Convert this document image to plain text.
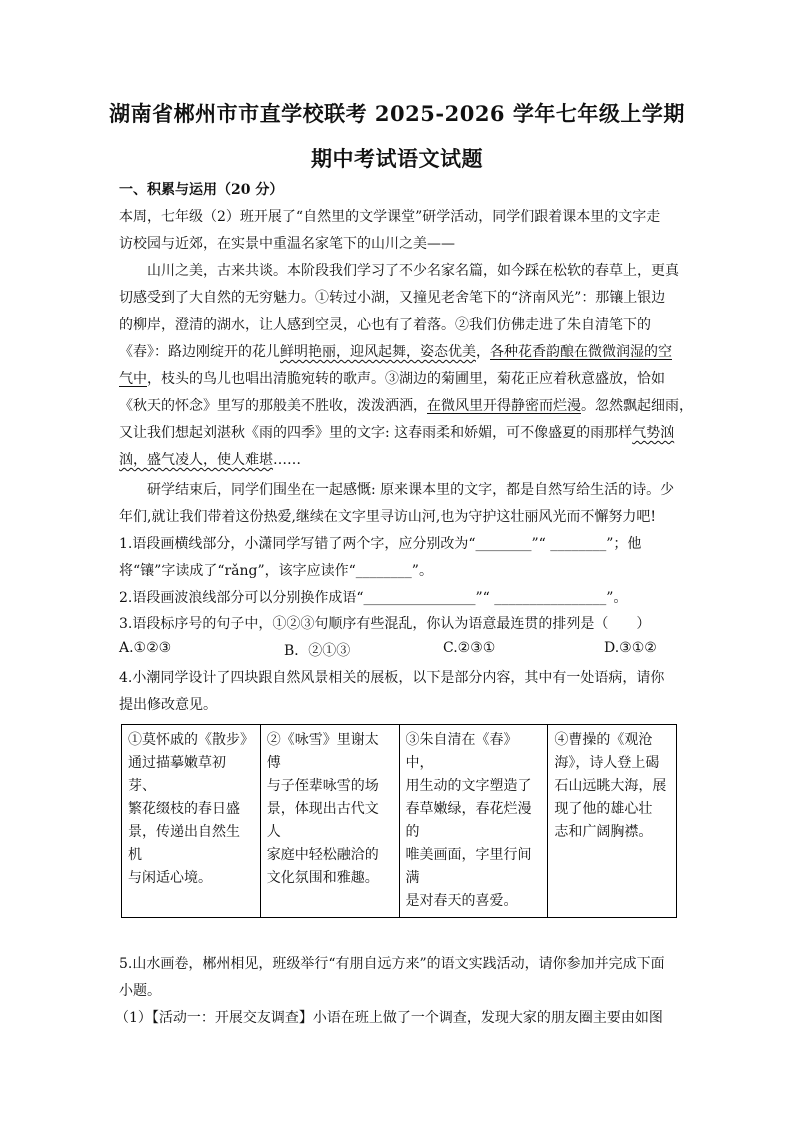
湖南省郴州市市直学校联考 2025-2026 学年七年级上学期
期中考试语文试题
一、积累与运用（20 分）
本周，七年级（2）班开展了“自然里的文学课堂”研学活动，同学们跟着课本里的文字走
访校园与近郊，在实景中重温名家笔下的山川之美——
山川之美，古来共谈。本阶段我们学习了不少名家名篇，如今踩在松软的春草上，更真
切感受到了大自然的无穷魅力。①转过小湖，又撞见老舍笔下的“济南风光”：那镶上银边
的柳岸，澄清的湖水，让人感到空灵，心也有了着落。②我们仿佛走进了朱自清笔下的
《春》：路边刚绽开的花儿鲜明艳丽，迎风起舞，姿态优美，各种花香韵酿在微微润湿的空
气中，枝头的鸟儿也唱出清脆宛转的歌声。③湖边的菊圃里，菊花正应着秋意盛放，恰如
《秋天的怀念》里写的那般美不胜收，泼泼洒洒，在微风里开得静密而烂漫。忽然飘起细雨，
又让我们想起刘湛秋《雨的四季》里的文字: 这春雨柔和娇媚，可不像盛夏的雨那样气势汹
汹，盛气凌人，使人难堪……
研学结束后，同学们围坐在一起感慨: 原来课本里的文字，都是自然写给生活的诗。少
年们,就让我们带着这份热爱,继续在文字里寻访山河,也为守护这壮丽风光而不懈努力吧!
1.语段画横线部分，小潇同学写错了两个字，应分别改为“________”“ ________”；他
将“镶”字读成了“rǎng”，该字应读作“________”。
2.语段画波浪线部分可以分别换作成语“________________”“ ________________”。
3.语段标序号的句子中，①②③句顺序有些混乱，你认为语意最连贯的排列是（　　）
A.①②③	B．②①③	C.②③①	D.③①②
4.小潮同学设计了四块跟自然风景相关的展板，以下是部分内容，其中有一处语病，请你
提出修改意见。
①莫怀戚的《散步》
通过描摹嫩草初芽、
繁花缀枝的春日盛
景，传递出自然生机
与闲适心境。

②《咏雪》里谢太傅
与子侄辈咏雪的场
景，体现出古代文人
家庭中轻松融洽的
文化氛围和雅趣。

③朱自清在《春》中，
用生动的文字塑造了
春草嫩绿，春花烂漫的
唯美画面，字里行间满
是对春天的喜爱。

④曹操的《观沧
海》，诗人登上碣
石山远眺大海，展
现了他的雄心壮
志和广阔胸襟。
5.山水画卷，郴州相见，班级举行“有朋自远方来”的语文实践活动，请你参加并完成下面
小题。
（1）【活动一：开展交友调查】小语在班上做了一个调查，发现大家的朋友圈主要由如图
